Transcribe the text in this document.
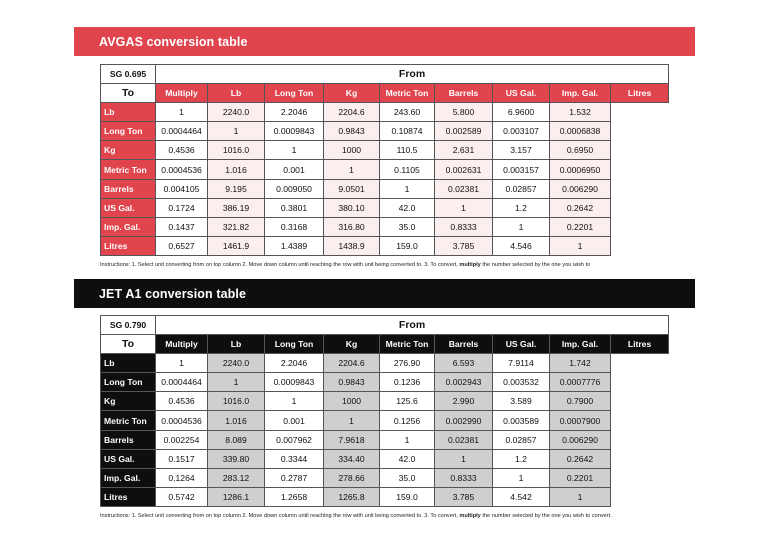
AVGAS conversion table
SG 0.695	From								
To	Multiply	Lb	Long Ton	Kg	Metric Ton	Barrels	US Gal.	Imp. Gal.	Litres
Lb	1	2240.0	2.2046	2204.6	243.60	5.800	6.9600	1.532	
Long Ton	0.0004464	1	0.0009843	0.9843	0.10874	0.002589	0.003107	0.0006838	
Kg	0.4536	1016.0	1	1000	110.5	2.631	3.157	0.6950	
Metric Ton	0.0004536	1.016	0.001	1	0.1105	0.002631	0.003157	0.0006950	
Barrels	0.004105	9.195	0.009050	9.0501	1	0.02381	0.02857	0.006290	
US Gal.	0.1724	386.19	0.3801	380.10	42.0	1	1.2	0.2642	
Imp. Gal.	0.1437	321.82	0.3168	316.80	35.0	0.8333	1	0.2201	
Litres	0.6527	1461.9	1.4389	1438.9	159.0	3.785	4.546	1	
Instructions: 1. Select unit converting from on top column 2. Move down column until reaching the row with unit being converted to. 3. To convert, multiply the number selected by the one you wish to
JET A1 conversion table
SG 0.790	From								
To	Multiply	Lb	Long Ton	Kg	Metric Ton	Barrels	US Gal.	Imp. Gal.	Litres
Lb	1	2240.0	2.2046	2204.6	276.90	6.593	7.9114	1.742	
Long Ton	0.0004464	1	0.0009843	0.9843	0.1236	0.002943	0.003532	0.0007776	
Kg	0.4536	1016.0	1	1000	125.6	2.990	3.589	0.7900	
Metric Ton	0.0004536	1.016	0.001	1	0.1256	0.002990	0.003589	0.0007900	
Barrels	0.002254	8.089	0.007962	7.9618	1	0.02381	0.02857	0.006290	
US Gal.	0.1517	339.80	0.3344	334.40	42.0	1	1.2	0.2642	
Imp. Gal.	0.1264	283.12	0.2787	278.66	35.0	0.8333	1	0.2201	
Litres	0.5742	1286.1	1.2658	1265.8	159.0	3.785	4.542	1	
Instructions: 1. Select unit converting from on top column 2. Move down column until reaching the row with unit being converted to. 3. To convert, multiply the number selected by the one you wish to convert.
